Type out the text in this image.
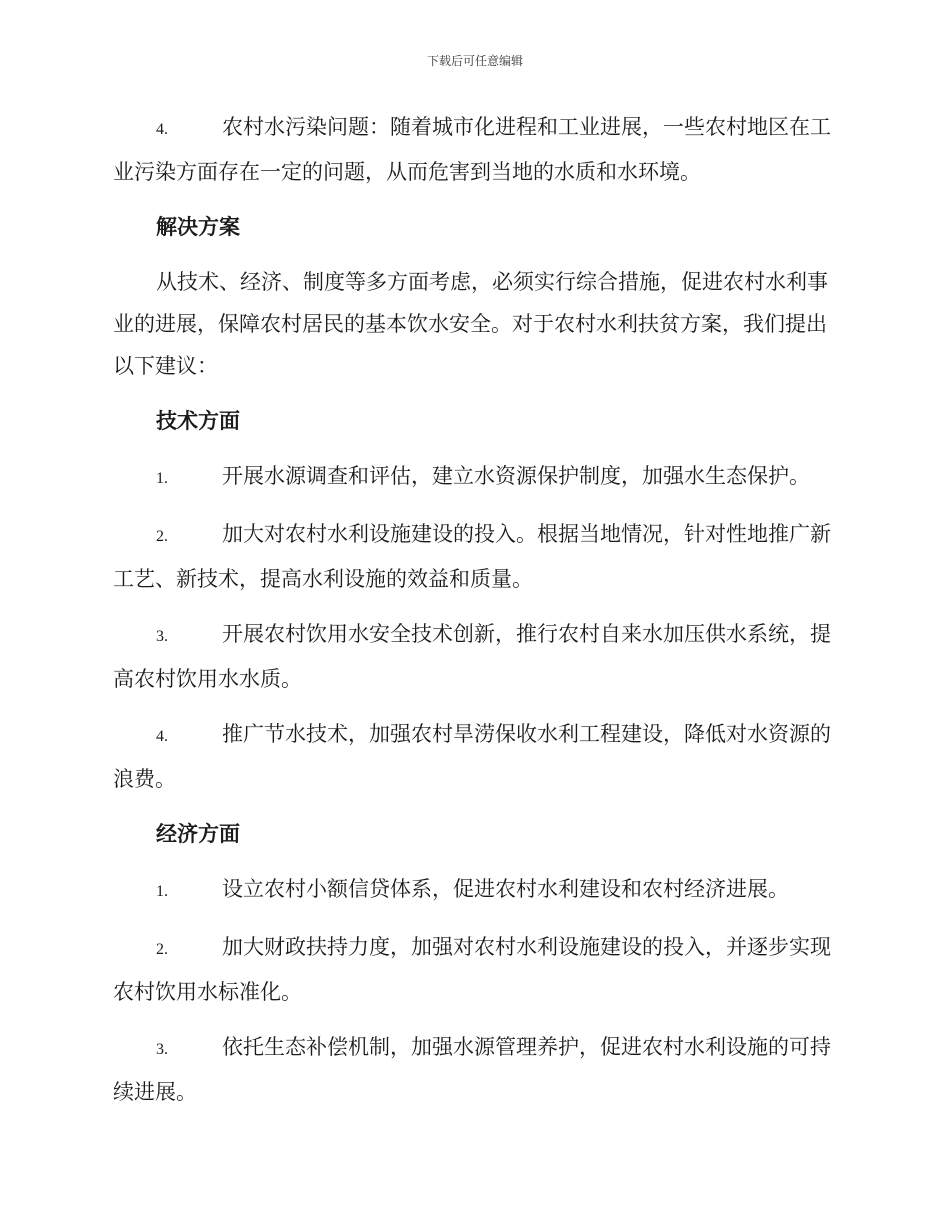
下载后可任意编辑
4.	农村水污染问题：随着城市化进程和工业进展，一些农村地区在工业污染方面存在一定的问题，从而危害到当地的水质和水环境。
解决方案
从技术、经济、制度等多方面考虑，必须实行综合措施，促进农村水利事业的进展，保障农村居民的基本饮水安全。对于农村水利扶贫方案，我们提出以下建议：
技术方面
1.	开展水源调查和评估，建立水资源保护制度，加强水生态保护。
2.	加大对农村水利设施建设的投入。根据当地情况，针对性地推广新工艺、新技术，提高水利设施的效益和质量。
3.	开展农村饮用水安全技术创新，推行农村自来水加压供水系统，提高农村饮用水水质。
4.	推广节水技术，加强农村旱涝保收水利工程建设，降低对水资源的浪费。
经济方面
1.	设立农村小额信贷体系，促进农村水利建设和农村经济进展。
2.	加大财政扶持力度，加强对农村水利设施建设的投入，并逐步实现农村饮用水标准化。
3.	依托生态补偿机制，加强水源管理养护，促进农村水利设施的可持续进展。
